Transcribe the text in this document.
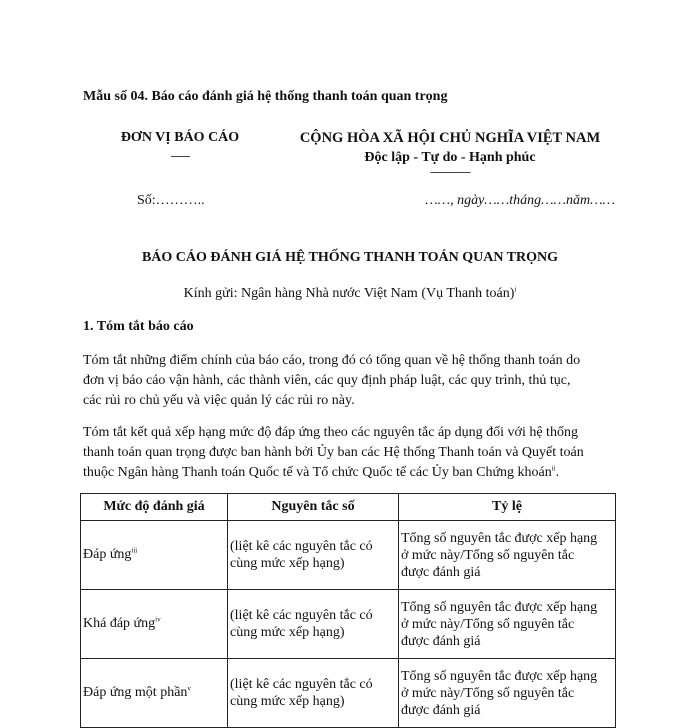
Mẫu số 04. Báo cáo đánh giá hệ thống thanh toán quan trọng
ĐƠN VỊ BÁO CÁO
-------
CỘNG HÒA XÃ HỘI CHỦ NGHĨA VIỆT NAM
Độc lập - Tự do - Hạnh phúc
---------------
Số:………..	……, ngày……tháng……năm……
BÁO CÁO ĐÁNH GIÁ HỆ THỐNG THANH TOÁN QUAN TRỌNG
Kính gửi: Ngân hàng Nhà nước Việt Nam (Vụ Thanh toán)$^i$
1. Tóm tắt báo cáo
Tóm tắt những điểm chính của báo cáo, trong đó có tổng quan về hệ thống thanh toán do
đơn vị báo cáo vận hành, các thành viên, các quy định pháp luật, các quy trình, thủ tục,
các rủi ro chủ yếu và việc quản lý các rủi ro này.
Tóm tắt kết quả xếp hạng mức độ đáp ứng theo các nguyên tắc áp dụng đối với hệ thống
thanh toán quan trọng được ban hành bởi Ủy ban các Hệ thống Thanh toán và Quyết toán
thuộc Ngân hàng Thanh toán Quốc tế và Tổ chức Quốc tế các Ủy ban Chứng khoán$^{ii}$.
Mức độ đánh giá	Nguyên tắc số	Tỷ lệ
Đáp ứng$^{iii}$	(liệt kê các nguyên tắc có
cùng mức xếp hạng)	Tổng số nguyên tắc được xếp hạng
ở mức này/Tổng số nguyên tắc
được đánh giá

Khá đáp ứng$^{iv}$	(liệt kê các nguyên tắc có
cùng mức xếp hạng)	Tổng số nguyên tắc được xếp hạng
ở mức này/Tổng số nguyên tắc
được đánh giá

Đáp ứng một phần$^v$	(liệt kê các nguyên tắc có
cùng mức xếp hạng)	Tổng số nguyên tắc được xếp hạng
ở mức này/Tổng số nguyên tắc
được đánh giá
